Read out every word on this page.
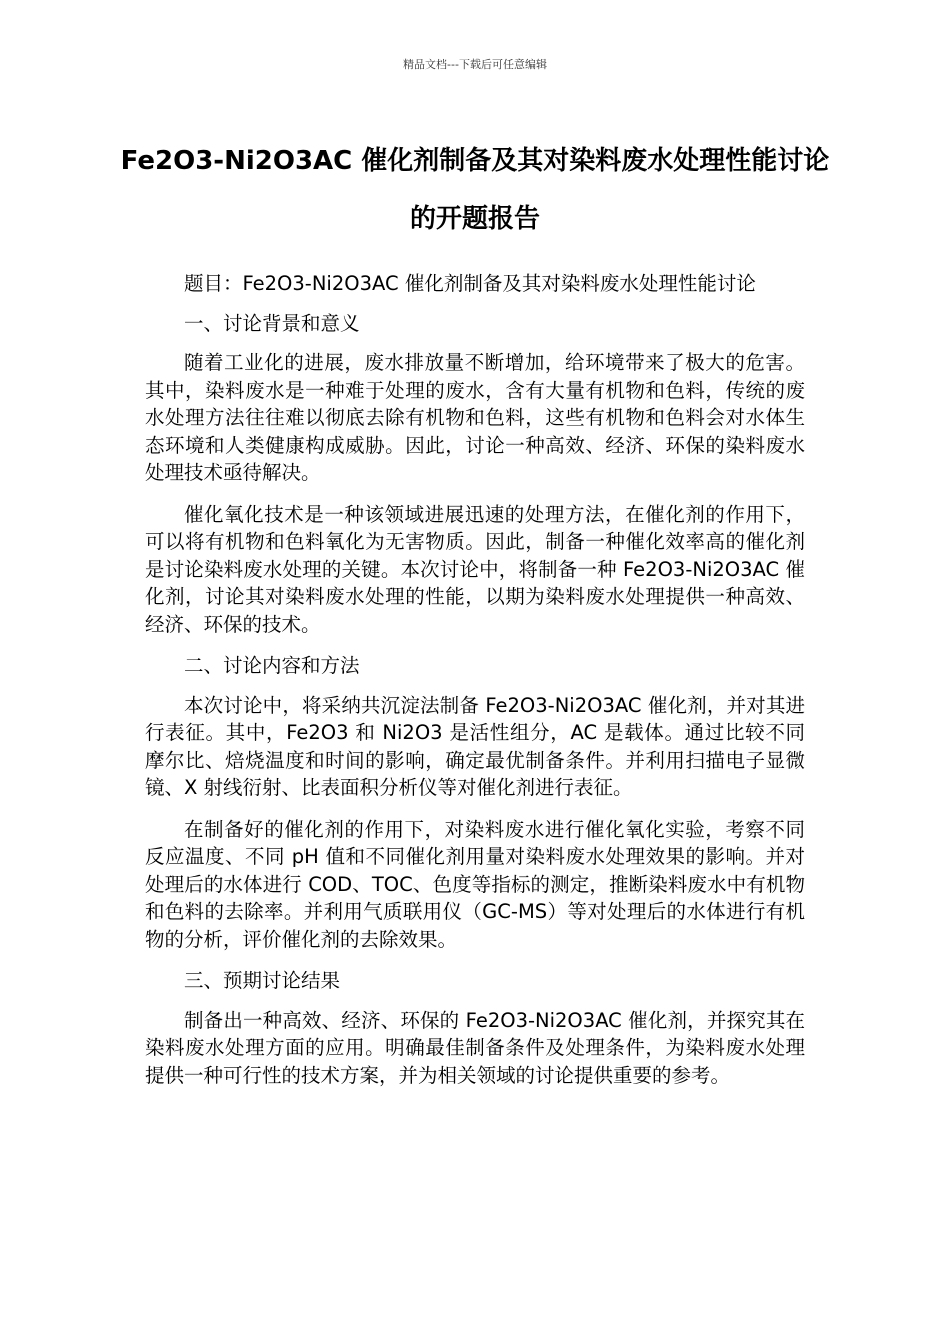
精品文档---下载后可任意编辑
Fe2O3-Ni2O3AC 催化剂制备及其对染料废水处理性能讨论的开题报告

题目：Fe2O3-Ni2O3AC 催化剂制备及其对染料废水处理性能讨论

一、讨论背景和意义

随着工业化的进展，废水排放量不断增加，给环境带来了极大的危害。其中，染料废水是一种难于处理的废水，含有大量有机物和色料，传统的废水处理方法往往难以彻底去除有机物和色料，这些有机物和色料会对水体生态环境和人类健康构成威胁。因此，讨论一种高效、经济、环保的染料废水处理技术亟待解决。

催化氧化技术是一种该领域进展迅速的处理方法，在催化剂的作用下，可以将有机物和色料氧化为无害物质。因此，制备一种催化效率高的催化剂是讨论染料废水处理的关键。本次讨论中，将制备一种 Fe2O3-Ni2O3AC 催化剂，讨论其对染料废水处理的性能，以期为染料废水处理提供一种高效、经济、环保的技术。

二、讨论内容和方法

本次讨论中，将采纳共沉淀法制备 Fe2O3-Ni2O3AC 催化剂，并对其进行表征。其中，Fe2O3 和 Ni2O3 是活性组分，AC 是载体。通过比较不同摩尔比、焙烧温度和时间的影响，确定最优制备条件。并利用扫描电子显微镜、X 射线衍射、比表面积分析仪等对催化剂进行表征。

在制备好的催化剂的作用下，对染料废水进行催化氧化实验，考察不同反应温度、不同 pH 值和不同催化剂用量对染料废水处理效果的影响。并对处理后的水体进行 COD、TOC、色度等指标的测定，推断染料废水中有机物和色料的去除率。并利用气质联用仪（GC-MS）等对处理后的水体进行有机物的分析，评价催化剂的去除效果。

三、预期讨论结果

制备出一种高效、经济、环保的 Fe2O3-Ni2O3AC 催化剂，并探究其在染料废水处理方面的应用。明确最佳制备条件及处理条件，为染料废水处理提供一种可行性的技术方案，并为相关领域的讨论提供重要的参考。
